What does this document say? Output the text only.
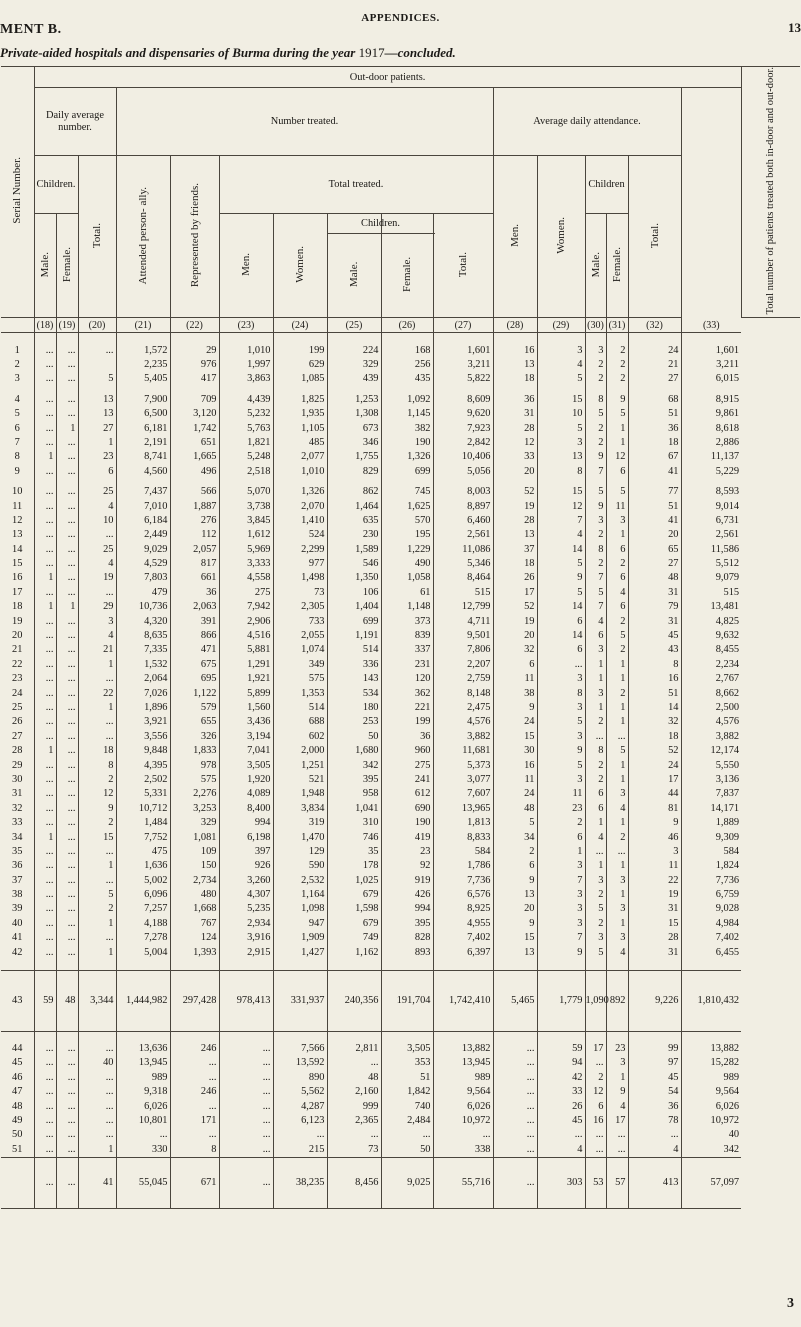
APPENDICES.
MENT B.	13
Private-aided hospitals and dispensaries of Burma during the year 1917—concluded.
Serial Number.	Out-door patients.																Total number of patients treated both in-door and out-door.
	Daily average number.			Number treated.							Average daily attendance.						
	Children.		Total.	Attended person- ally.	Represented by friends.	Total treated.					Men.	Women.	Children		Total.		
	Male.	Female.				Men.	Women.	Children.
Male.	Female.	Total.			Male.	Female.			
	(18)	(19)	(20)	(21)	(22)	(23)	(24)	(25)	(26)	(27)	(28)	(29)	(30)	(31)	(32)	(33)	

1	...	...	...	1,572	29	1,010	199	224	168	1,601	16	3	3	2	24	1,601	
2	...	...		2,235	976	1,997	629	329	256	3,211	13	4	2	2	21	3,211	
3	...	...	5	5,405	417	3,863	1,085	439	435	5,822	18	5	2	2	27	6,015	

4	...	...	13	7,900	709	4,439	1,825	1,253	1,092	8,609	36	15	8	9	68	8,915	
5	...	...	13	6,500	3,120	5,232	1,935	1,308	1,145	9,620	31	10	5	5	51	9,861	
6	...	1	27	6,181	1,742	5,763	1,105	673	382	7,923	28	5	2	1	36	8,618	
7	...	...	1	2,191	651	1,821	485	346	190	2,842	12	3	2	1	18	2,886	
8	1	...	23	8,741	1,665	5,248	2,077	1,755	1,326	10,406	33	13	9	12	67	11,137	
9	...	...	6	4,560	496	2,518	1,010	829	699	5,056	20	8	7	6	41	5,229	

10	...	...	25	7,437	566	5,070	1,326	862	745	8,003	52	15	5	5	77	8,593	
11	...	...	4	7,010	1,887	3,738	2,070	1,464	1,625	8,897	19	12	9	11	51	9,014	
12	...	...	10	6,184	276	3,845	1,410	635	570	6,460	28	7	3	3	41	6,731	
13	...	...	...	2,449	112	1,612	524	230	195	2,561	13	4	2	1	20	2,561	
14	...	...	25	9,029	2,057	5,969	2,299	1,589	1,229	11,086	37	14	8	6	65	11,586	
15	...	...	4	4,529	817	3,333	977	546	490	5,346	18	5	2	2	27	5,512	
16	1	...	19	7,803	661	4,558	1,498	1,350	1,058	8,464	26	9	7	6	48	9,079	
17	...	...	...	479	36	275	73	106	61	515	17	5	5	4	31	515	
18	1	1	29	10,736	2,063	7,942	2,305	1,404	1,148	12,799	52	14	7	6	79	13,481	
19	...	...	3	4,320	391	2,906	733	699	373	4,711	19	6	4	2	31	4,825	
20	...	...	4	8,635	866	4,516	2,055	1,191	839	9,501	20	14	6	5	45	9,632	
21	...	...	21	7,335	471	5,881	1,074	514	337	7,806	32	6	3	2	43	8,455	
22	...	...	1	1,532	675	1,291	349	336	231	2,207	6	...	1	1	8	2,234	
23	...	...	...	2,064	695	1,921	575	143	120	2,759	11	3	1	1	16	2,767	
24	...	...	22	7,026	1,122	5,899	1,353	534	362	8,148	38	8	3	2	51	8,662	
25	...	...	1	1,896	579	1,560	514	180	221	2,475	9	3	1	1	14	2,500	
26	...	...	...	3,921	655	3,436	688	253	199	4,576	24	5	2	1	32	4,576	
27	...	...	...	3,556	326	3,194	602	50	36	3,882	15	3	...	...	18	3,882	
28	1	...	18	9,848	1,833	7,041	2,000	1,680	960	11,681	30	9	8	5	52	12,174	
29	...	...	8	4,395	978	3,505	1,251	342	275	5,373	16	5	2	1	24	5,550	
30	...	...	2	2,502	575	1,920	521	395	241	3,077	11	3	2	1	17	3,136	
31	...	...	12	5,331	2,276	4,089	1,948	958	612	7,607	24	11	6	3	44	7,837	
32	...	...	9	10,712	3,253	8,400	3,834	1,041	690	13,965	48	23	6	4	81	14,171	
33	...	...	2	1,484	329	994	319	310	190	1,813	5	2	1	1	9	1,889	
34	1	...	15	7,752	1,081	6,198	1,470	746	419	8,833	34	6	4	2	46	9,309	
35	...	...	...	475	109	397	129	35	23	584	2	1	...	...	3	584	
36	...	...	1	1,636	150	926	590	178	92	1,786	6	3	1	1	11	1,824	
37	...	...	...	5,002	2,734	3,260	2,532	1,025	919	7,736	9	7	3	3	22	7,736	
38	...	...	5	6,096	480	4,307	1,164	679	426	6,576	13	3	2	1	19	6,759	
39	...	...	2	7,257	1,668	5,235	1,098	1,598	994	8,925	20	3	5	3	31	9,028	
40	...	...	1	4,188	767	2,934	947	679	395	4,955	9	3	2	1	15	4,984	
41	...	...	...	7,278	124	3,916	1,909	749	828	7,402	15	7	3	3	28	7,402	
42	...	...	1	5,004	1,393	2,915	1,427	1,162	893	6,397	13	9	5	4	31	6,455	

43	59	48	3,344	1,444,982	297,428	978,413	331,937	240,356	191,704	1,742,410	5,465	1,779	1,090	892	9,226	1,810,432	

44	...	...	...	13,636	246	...	7,566	2,811	3,505	13,882	...	59	17	23	99	13,882	
45	...	...	40	13,945	...	...	13,592	...	353	13,945	...	94	...	3	97	15,282	
46	...	...	...	989	...	...	890	48	51	989	...	42	2	1	45	989	
47	...	...	...	9,318	246	...	5,562	2,160	1,842	9,564	...	33	12	9	54	9,564	
48	...	...	...	6,026	...	...	4,287	999	740	6,026	...	26	6	4	36	6,026	
49	...	...	...	10,801	171	...	6,123	2,365	2,484	10,972	...	45	16	17	78	10,972	
50	...	...	...	...	...	...	...	...	...	...	...	...	...	...	...	40	
51	...	...	1	330	8	...	215	73	50	338	...	4	...	...	4	342	
	...	...	41	55,045	671	...	38,235	8,456	9,025	55,716	...	303	53	57	413	57,097	
3
